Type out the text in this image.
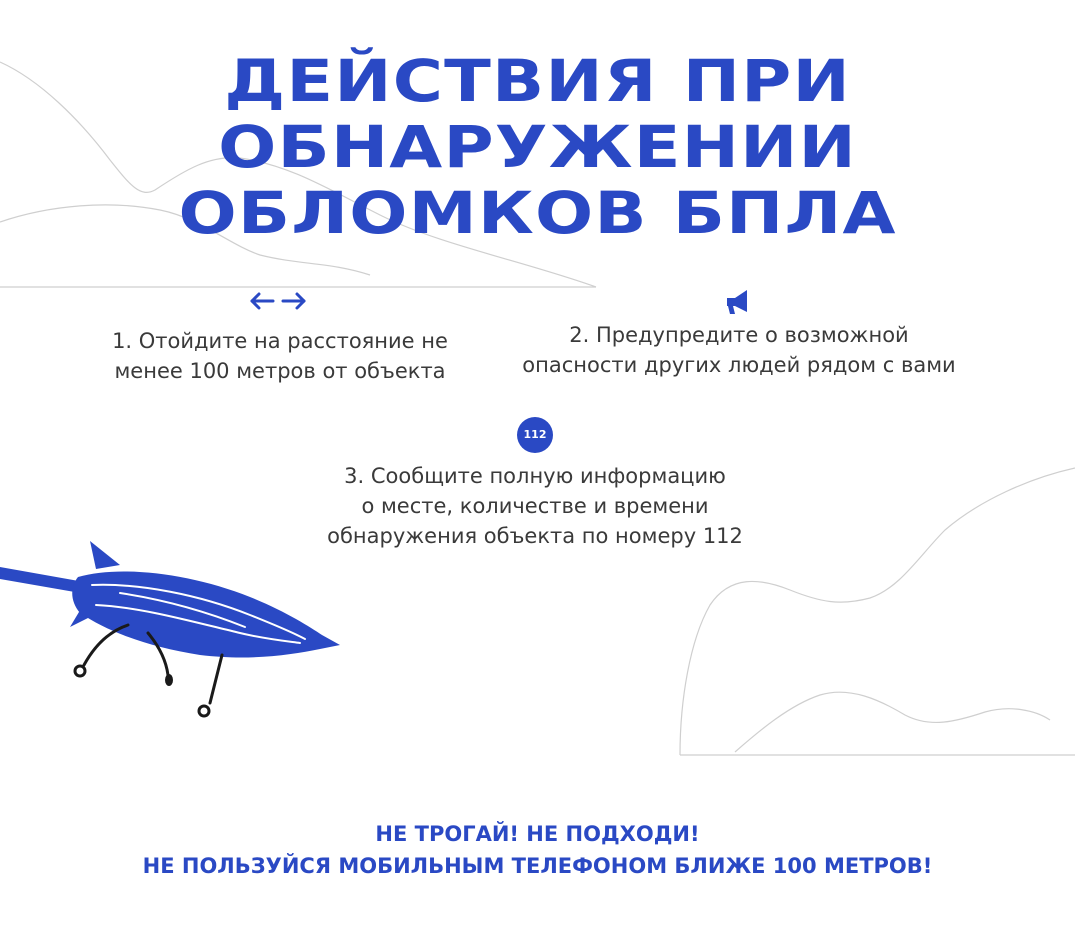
ДЕЙСТВИЯ ПРИ
ОБНАРУЖЕНИИ
ОБЛОМКОВ БПЛА
1. Отойдите на расстояние не
менее 100 метров от объекта
2. Предупредите о возможной
опасности других людей рядом с вами
112
3. Сообщите полную информацию
о месте, количестве и времени
обнаружения объекта по номеру 112
НЕ ТРОГАЙ! НЕ ПОДХОДИ!
НЕ ПОЛЬЗУЙСЯ МОБИЛЬНЫМ ТЕЛЕФОНОМ БЛИЖЕ 100 МЕТРОВ!
